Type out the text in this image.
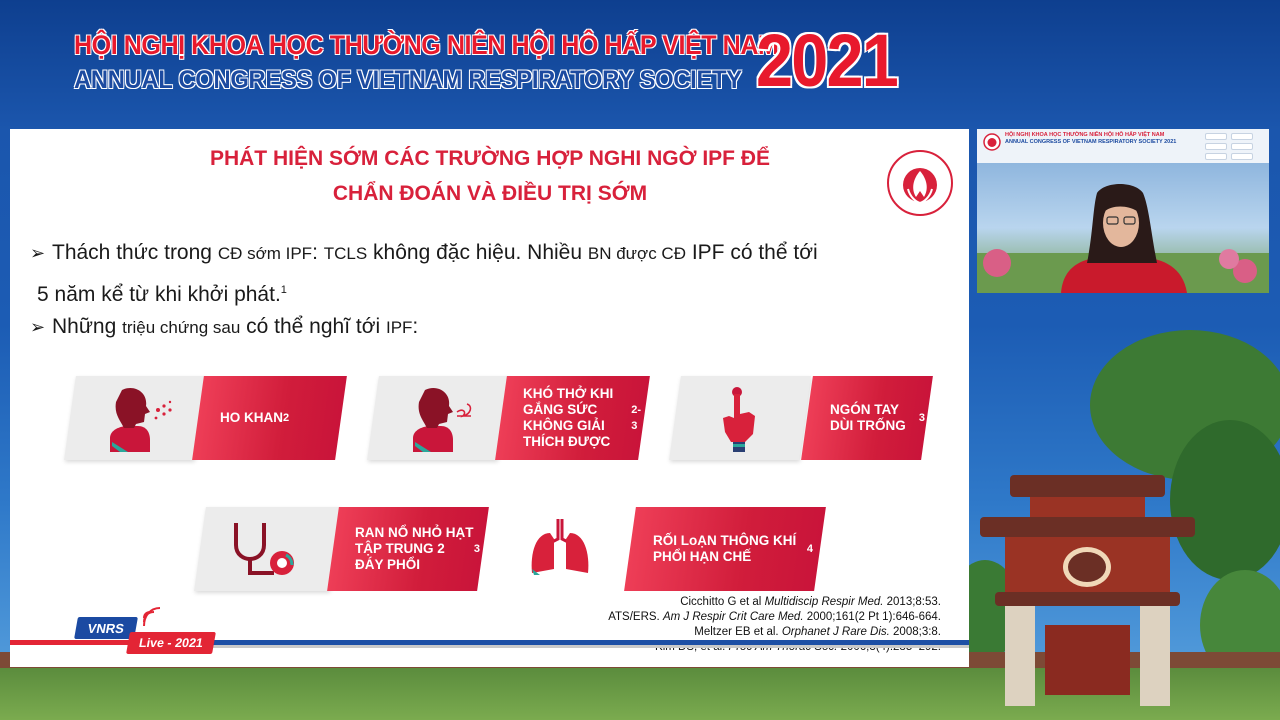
HỘI NGHỊ KHOA HỌC THƯỜNG NIÊN HỘI HÔ HẤP VIỆT NAM
ANNUAL CONGRESS OF VIETNAM RESPIRATORY SOCIETY 2021
PHÁT HIỆN SỚM CÁC TRƯỜNG HỢP NGHI NGỜ IPF ĐỂ
CHẨN ĐOÁN VÀ ĐIỀU TRỊ SỚM
➢ Thách thức trong CĐ sớm IPF: TCLS không đặc hiệu. Nhiều BN được CĐ IPF có thể tới
5 năm kể từ khi khởi phát.$^1$
➢ Những triệu chứng sau có thể nghĩ tới IPF:
HO KHAN 2
KHÓ THỞ KHI GẮNG SỨC KHÔNG GIẢI THÍCH ĐƯỢC
2-3
NGÓN TAY DÙI TRỐNG	3
RAN NỔ NHỎ HẠT TẬP TRUNG 2 ĐÁY PHỔI
3
RỐI LoẠN THÔNG KHÍ PHỔI HẠN CHẾ	4
Cicchitto G et al Multidiscip Respir Med. 2013;8:53.
ATS/ERS. Am J Respir Crit Care Med. 2000;161(2 Pt 1):646-664.
Meltzer EB et al. Orphanet J Rare Dis. 2008;3:8.
VNRS
Live - 2021
HỘI NGHỊ KHOA HỌC THƯỜNG NIÊN HỘI HÔ HẤP VIỆT NAM
ANNUAL CONGRESS OF VIETNAM RESPIRATORY SOCIETY 2021
